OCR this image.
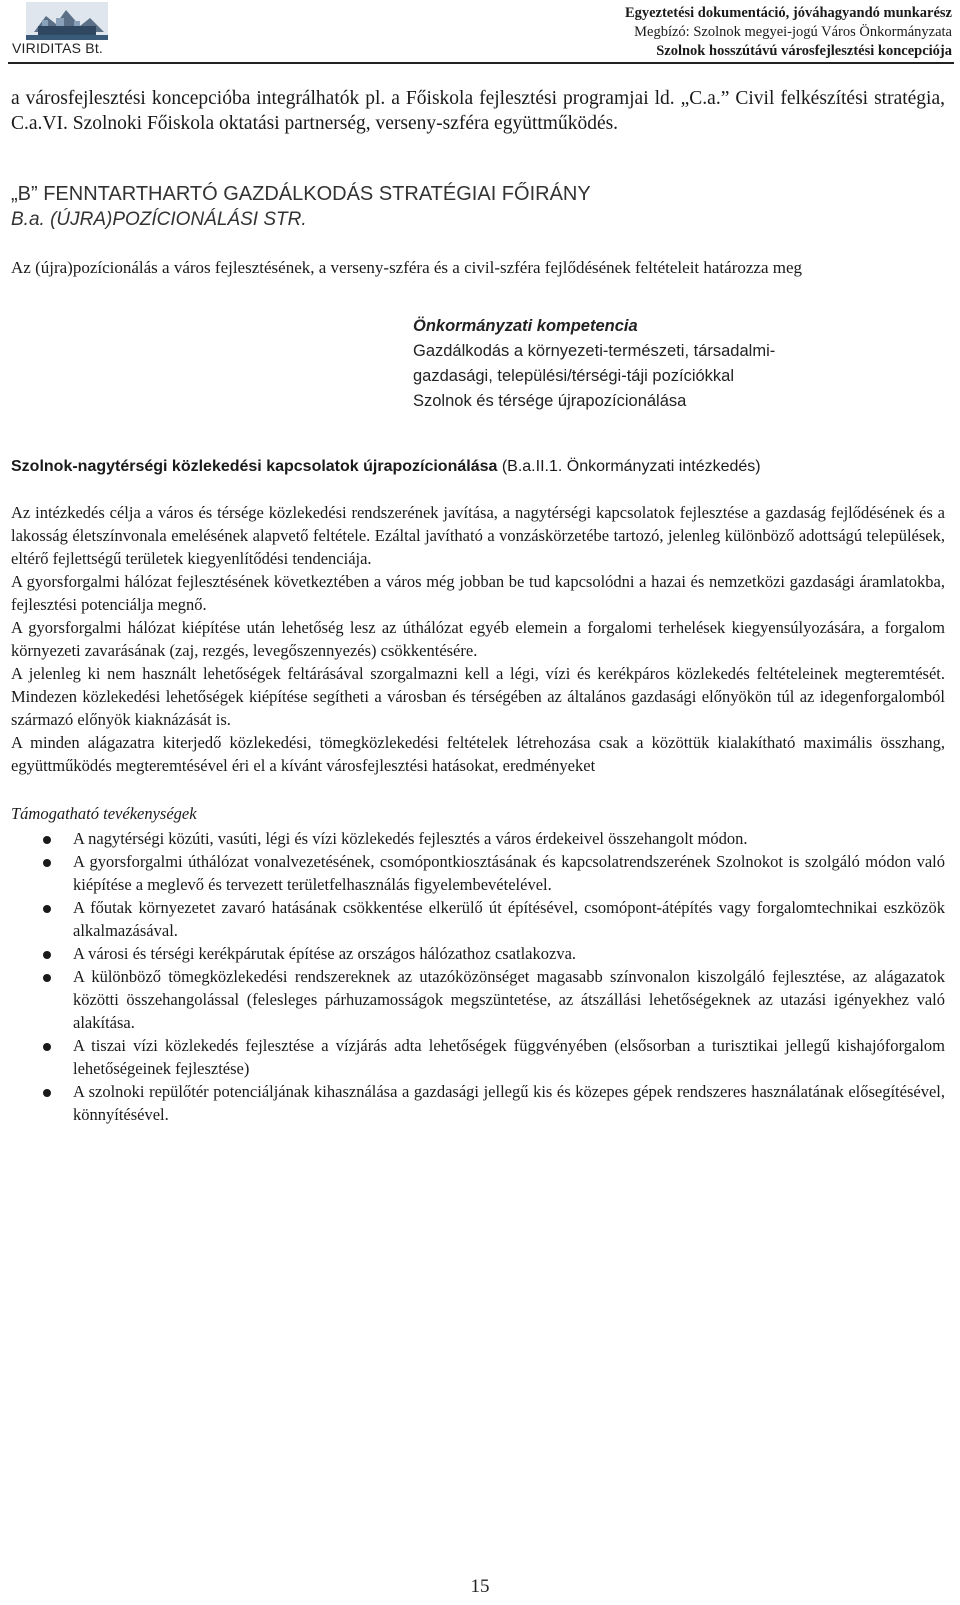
VIRIDITAS Bt.
Egyeztetési dokumentáció, jóváhagyandó munkarész
Megbízó: Szolnok megyei-jogú Város Önkormányzata
Szolnok hosszútávú városfejlesztési koncepciója

a városfejlesztési koncepcióba integrálhatók pl. a Főiskola fejlesztési programjai ld. „C.a.” Civil felkészítési stratégia, C.a.VI. Szolnoki Főiskola oktatási partnerség, verseny-szféra együttműködés.

„B” FENNTARTHARTÓ GAZDÁLKODÁS STRATÉGIAI FŐIRÁNY

B.a. (ÚJRA)POZÍCIONÁLÁSI STR.

Az (újra)pozícionálás a város fejlesztésének, a verseny-szféra és a civil-szféra fejlődésének feltételeit határozza meg

Önkormányzati kompetencia
Gazdálkodás a környezeti-természeti, társadalmi-
gazdasági, települési/térségi-táji pozíciókkal
Szolnok és térsége újrapozícionálása

Szolnok-nagytérségi közlekedési kapcsolatok újrapozícionálása (B.a.II.1. Önkormányzati intézkedés)

Az intézkedés célja a város és térsége közlekedési rendszerének javítása, a nagytérségi kapcsolatok fejlesztése a gazdaság fejlődésének és a lakosság életszínvonala emelésének alapvető feltétele. Ezáltal javítható a vonzáskörzetébe tartozó, jelenleg különböző adottságú települések, eltérő fejlettségű területek kiegyenlítődési tendenciája.

A gyorsforgalmi hálózat fejlesztésének következtében a város még jobban be tud kapcsolódni a hazai és nemzetközi gazdasági áramlatokba, fejlesztési potenciálja megnő.

A gyorsforgalmi hálózat kiépítése után lehetőség lesz az úthálózat egyéb elemein a forgalomi terhelések kiegyensúlyozására, a forgalom környezeti zavarásának (zaj, rezgés, levegőszennyezés) csökkentésére.

A jelenleg ki nem használt lehetőségek feltárásával szorgalmazni kell a légi, vízi és kerékpáros közlekedés feltételeinek megteremtését. Mindezen közlekedési lehetőségek kiépítése segítheti a városban és térségében az általános gazdasági előnyökön túl az idegenforgalomból származó előnyök kiaknázását is.

A minden alágazatra kiterjedő közlekedési, tömegközlekedési feltételek létrehozása csak a közöttük kialakítható maximális összhang, együttműködés megteremtésével éri el a kívánt városfejlesztési hatásokat, eredményeket

Támogatható tevékenységek

A nagytérségi közúti, vasúti, légi és vízi közlekedés fejlesztés a város érdekeivel összehangolt módon.
A gyorsforgalmi úthálózat vonalvezetésének, csomópontkiosztásának és kapcsolatrendszerének Szolnokot is szolgáló módon való kiépítése a meglevő és tervezett területfelhasználás figyelembevételével.
A főutak környezetet zavaró hatásának csökkentése elkerülő út építésével, csomópont-átépítés vagy forgalomtechnikai eszközök alkalmazásával.
A városi és térségi kerékpárutak építése az országos hálózathoz csatlakozva.
A különböző tömegközlekedési rendszereknek az utazóközönséget magasabb színvonalon kiszolgáló fejlesztése, az alágazatok közötti összehangolással (felesleges párhuzamosságok megszüntetése, az átszállási lehetőségeknek az utazási igényekhez való alakítása.
A tiszai vízi közlekedés fejlesztése a vízjárás adta lehetőségek függvényében (elsősorban a turisztikai jellegű kishajóforgalom lehetőségeinek fejlesztése)
A szolnoki repülőtér potenciáljának kihasználása a gazdasági jellegű kis és közepes gépek rendszeres használatának elősegítésével, könnyítésével.
15
